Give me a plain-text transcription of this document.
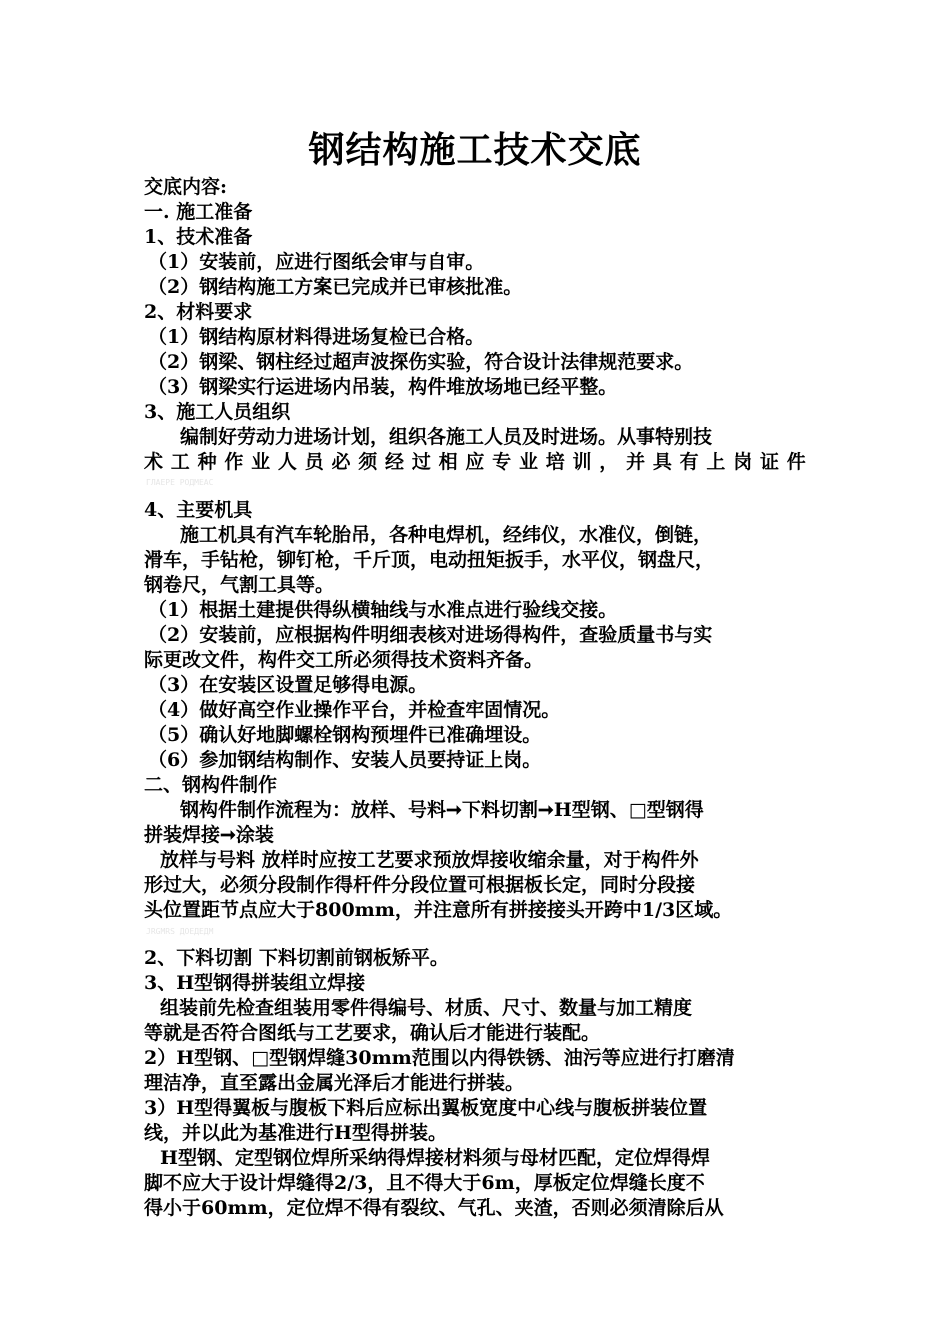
钢结构施工技术交底
交底内容:
一. 施工准备
1、技术准备
（1）安装前，应进行图纸会审与自审。
（2）钢结构施工方案已完成并已审核批准。
2、材料要求
（1）钢结构原材料得进场复检已合格。
（2）钢梁、钢柱经过超声波探伤实验，符合设计法律规范要求。
（3）钢梁实行运进场内吊装，构件堆放场地已经平整。
3、施工人员组织
编制好劳动力进场计划，组织各施工人员及时进场。从事特别技
术 工 种 作 业 人 员 必 须 经 过 相 应 专 业 培 训 ， 并 具 有 上 岗 证 件
ГЛАЕРЕ РОДМЕАС
4、主要机具
施工机具有汽车轮胎吊，各种电焊机，经纬仪，水准仪，倒链，
滑车，手钻枪，铆钉枪，千斤顶，电动扭矩扳手，水平仪，钢盘尺，
钢卷尺，气割工具等。
（1）根据土建提供得纵横轴线与水准点进行验线交接。
（2）安装前，应根据构件明细表核对进场得构件，查验质量书与实
际更改文件，构件交工所必须得技术资料齐备。
（3）在安装区设置足够得电源。
（4）做好高空作业操作平台，并检查牢固情况。
（5）确认好地脚螺栓钢构预埋件已准确埋设。
（6）参加钢结构制作、安装人员要持证上岗。
二、钢构件制作
钢构件制作流程为：放样、号料➞下料切割➞H型钢、□型钢得
拼装焊接➞涂装
放样与号料 放样时应按工艺要求预放焊接收缩余量，对于构件外
形过大，必须分段制作得杆件分段位置可根据板长定，同时分段接
头位置距节点应大于800mm，并注意所有拼接接头开跨中1/3区域。
JRGMRS ДОЕДЕДМ
2、下料切割 下料切割前钢板矫平。
3、H型钢得拼装组立焊接
组装前先检查组装用零件得编号、材质、尺寸、数量与加工精度
等就是否符合图纸与工艺要求，确认后才能进行装配。
2）H型钢、□型钢焊缝30mm范围以内得铁锈、油污等应进行打磨清
理洁净，直至露出金属光泽后才能进行拼装。
3）H型得翼板与腹板下料后应标出翼板宽度中心线与腹板拼装位置
线，并以此为基准进行H型得拼装。
H型钢、定型钢位焊所采纳得焊接材料须与母材匹配，定位焊得焊
脚不应大于设计焊缝得2/3，且不得大于6m，厚板定位焊缝长度不
得小于60mm，定位焊不得有裂纹、气孔、夹渣，否则必须清除后从
